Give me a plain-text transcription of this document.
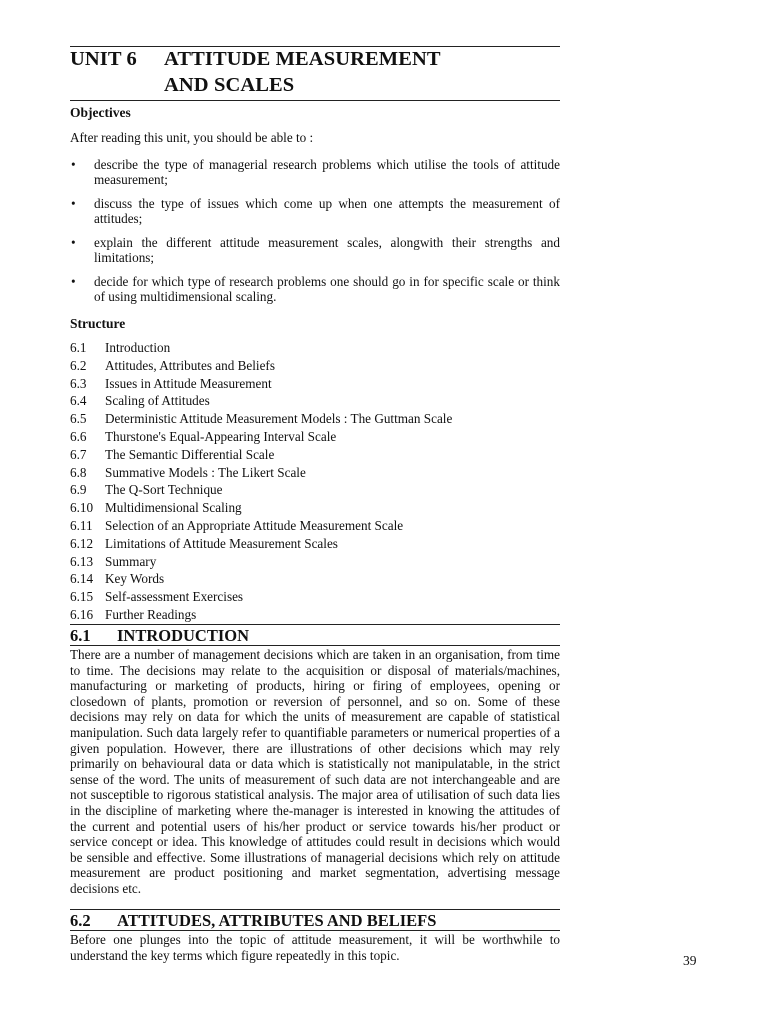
UNIT 6 ATTITUDE MEASUREMENT
AND SCALES
Objectives
After reading this unit, you should be able to :
• describe the type of managerial research problems which utilise the tools of attitude measurement;
• discuss the type of issues which come up when one attempts the measurement of attitudes;
• explain the different attitude measurement scales, alongwith their strengths and limitations;
• decide for which type of research problems one should go in for specific scale or think of using multidimensional scaling.
Structure
6.1 Introduction
6.2 Attitudes, Attributes and Beliefs
6.3 Issues in Attitude Measurement
6.4 Scaling of Attitudes
6.5 Deterministic Attitude Measurement Models : The Guttman Scale
6.6 Thurstone's Equal-Appearing Interval Scale
6.7 The Semantic Differential Scale
6.8 Summative Models : The Likert Scale
6.9 The Q-Sort Technique
6.10 Multidimensional Scaling
6.11 Selection of an Appropriate Attitude Measurement Scale
6.12 Limitations of Attitude Measurement Scales
6.13 Summary
6.14 Key Words
6.15 Self-assessment Exercises
6.16 Further Readings
6.1 INTRODUCTION
There are a number of management decisions which are taken in an organisation, from time to time. The decisions may relate to the acquisition or disposal of materials/machines, manufacturing or marketing of products, hiring or firing of employees, opening or closedown of plants, promotion or reversion of personnel, and so on. Some of these decisions may rely on data for which the units of measurement are capable of statistical manipulation. Such data largely refer to quantifiable parameters or numerical properties of a given population. However, there are illustrations of other decisions which may rely primarily on behavioural data or data which is statistically not manipulatable, in the strict sense of the word. The units of measurement of such data are not interchangeable and are not susceptible to rigorous statistical analysis. The major area of utilisation of such data lies in the discipline of marketing where the-manager is interested in knowing the attitudes of the current and potential users of his/her product or service towards his/her product or service concept or idea. This knowledge of attitudes could result in decisions which would be sensible and effective. Some illustrations of managerial decisions which rely on attitude measurement are product positioning and market segmentation, advertising message decisions etc.
6.2 ATTITUDES, ATTRIBUTES AND BELIEFS
Before one plunges into the topic of attitude measurement, it will be worthwhile to understand the key terms which figure repeatedly in this topic.	39
